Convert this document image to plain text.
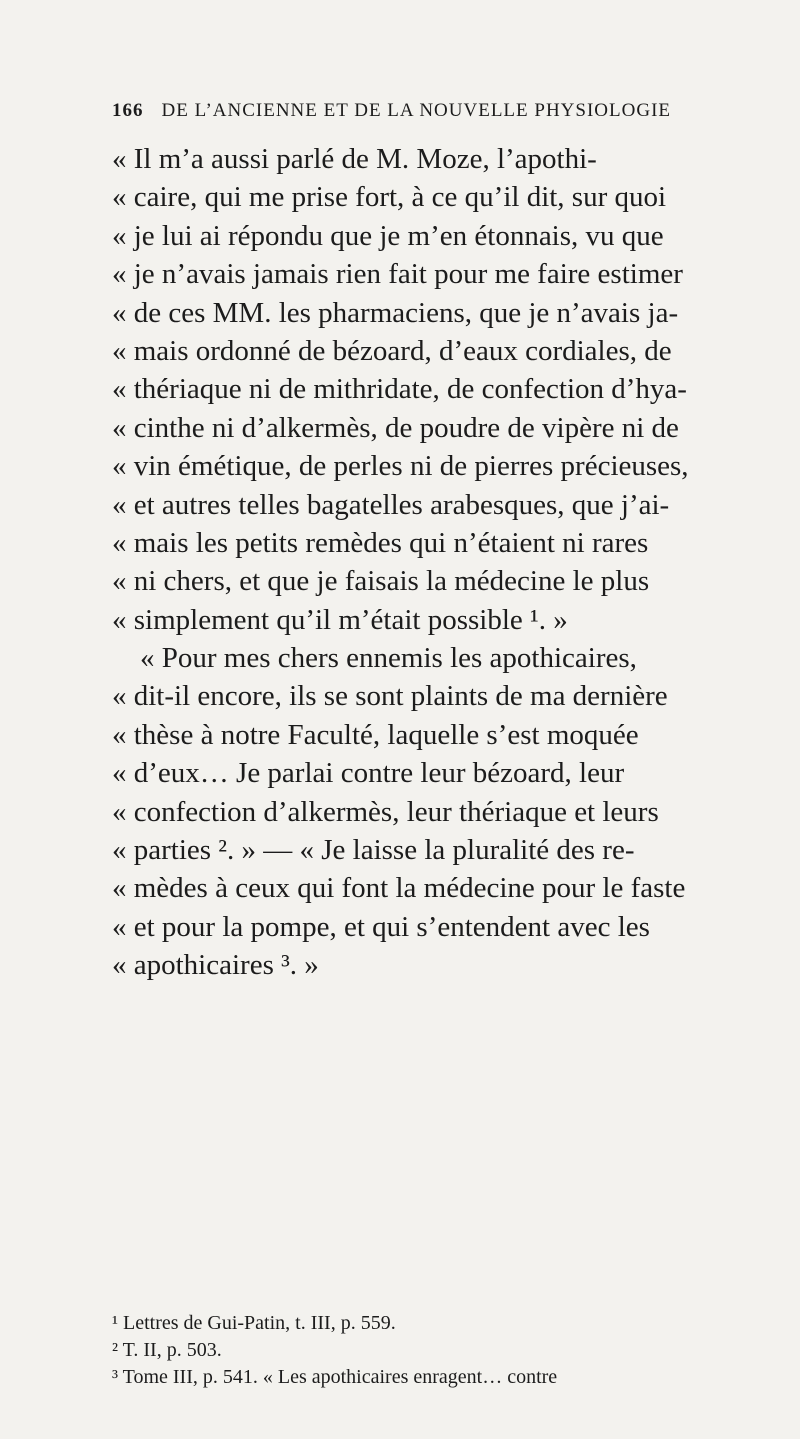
166 DE L’ANCIENNE ET DE LA NOUVELLE PHYSIOLOGIE
« Il m’a aussi parlé de M. Moze, l’apothi-
« caire, qui me prise fort, à ce qu’il dit, sur quoi
« je lui ai répondu que je m’en étonnais, vu que
« je n’avais jamais rien fait pour me faire estimer
« de ces MM. les pharmaciens, que je n’avais ja-
« mais ordonné de bézoard, d’eaux cordiales, de
« thériaque ni de mithridate, de confection d’hya-
« cinthe ni d’alkermès, de poudre de vipère ni de
« vin émétique, de perles ni de pierres précieuses,
« et autres telles bagatelles arabesques, que j’ai-
« mais les petits remèdes qui n’étaient ni rares
« ni chers, et que je faisais la médecine le plus
« simplement qu’il m’était possible ¹. »
« Pour mes chers ennemis les apothicaires,
« dit-il encore, ils se sont plaints de ma dernière
« thèse à notre Faculté, laquelle s’est moquée
« d’eux… Je parlai contre leur bézoard, leur
« confection d’alkermès, leur thériaque et leurs
« parties ². » — « Je laisse la pluralité des re-
« mèdes à ceux qui font la médecine pour le faste
« et pour la pompe, et qui s’entendent avec les
« apothicaires ³. »
¹ Lettres de Gui-Patin, t. III, p. 559.
² T. II, p. 503.
³ Tome III, p. 541. « Les apothicaires enragent… contre
